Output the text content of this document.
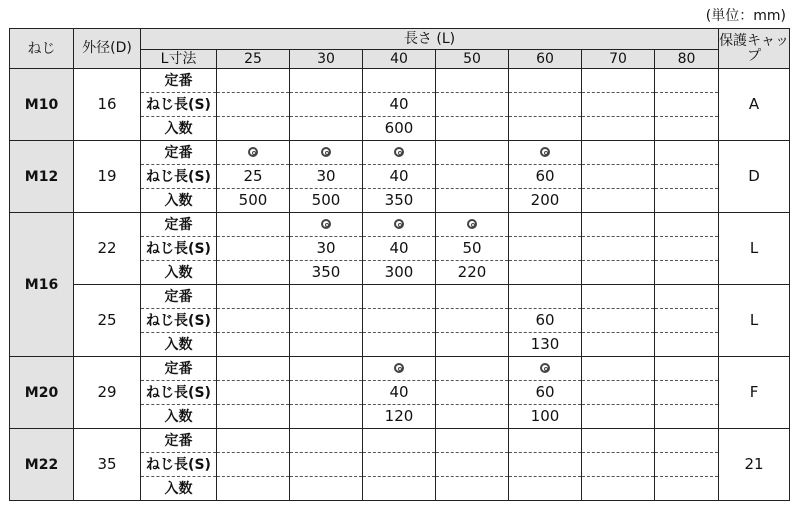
(単位：mm)
ねじ	外径(D)	長さ (L)								保護キャップ
		L寸法	25	30	40	50	60	70	80	
M10	16	定番								A
		ねじ長(S)			40					
		入数			600					
M12	19	定番								D
		ねじ長(S)	25	30	40		60			
		入数	500	500	350		200			
M16	22	定番								L
		ねじ長(S)		30	40	50				
		入数		350	300	220				
	25	定番								L
		ねじ長(S)					60			
		入数					130			
M20	29	定番								F
		ねじ長(S)			40		60			
		入数			120		100			
M22	35	定番								21
		ねじ長(S)								
		入数								
